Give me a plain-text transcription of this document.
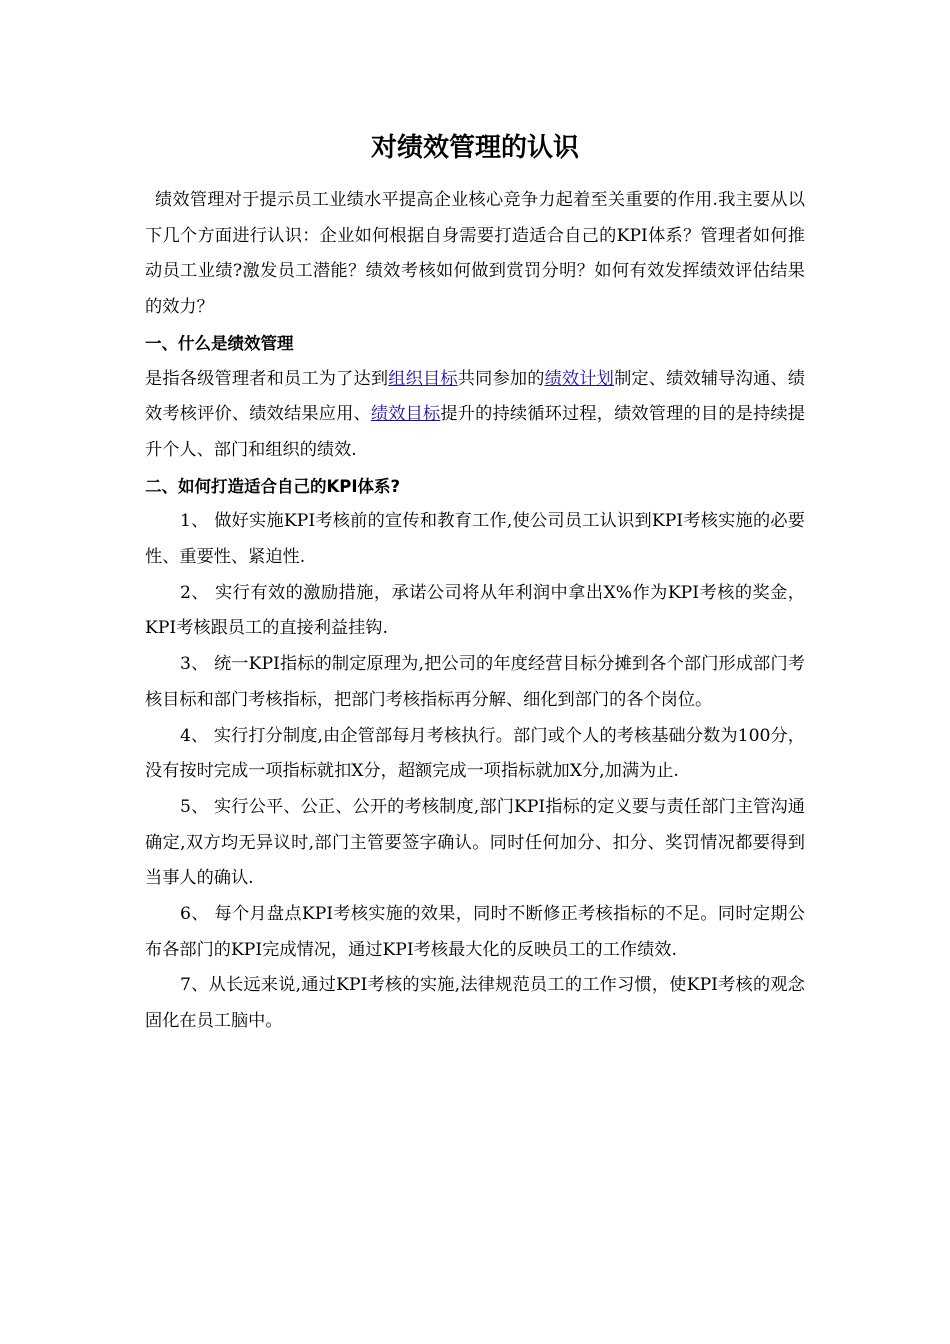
对绩效管理的认识

绩效管理对于提示员工业绩水平提高企业核心竞争力起着至关重要的作用.我主要从以下几个方面进行认识：企业如何根据自身需要打造适合自己的KPI体系？管理者如何推动员工业绩?激发员工潜能？绩效考核如何做到赏罚分明？如何有效发挥绩效评估结果的效力？

一、什么是绩效管理

是指各级管理者和员工为了达到组织目标共同参加的绩效计划制定、绩效辅导沟通、绩效考核评价、绩效结果应用、绩效目标提升的持续循环过程，绩效管理的目的是持续提升个人、部门和组织的绩效.

二、如何打造适合自己的KPI体系?

1、 做好实施KPI考核前的宣传和教育工作,使公司员工认识到KPI考核实施的必要性、重要性、紧迫性.

2、 实行有效的激励措施，承诺公司将从年利润中拿出X%作为KPI考核的奖金，KPI考核跟员工的直接利益挂钩.

3、 统一KPI指标的制定原理为,把公司的年度经营目标分摊到各个部门形成部门考核目标和部门考核指标，把部门考核指标再分解、细化到部门的各个岗位。

4、 实行打分制度,由企管部每月考核执行。部门或个人的考核基础分数为100分，没有按时完成一项指标就扣X分，超额完成一项指标就加X分,加满为止.

5、 实行公平、公正、公开的考核制度,部门KPI指标的定义要与责任部门主管沟通确定,双方均无异议时,部门主管要签字确认。同时任何加分、扣分、奖罚情况都要得到当事人的确认.

6、 每个月盘点KPI考核实施的效果，同时不断修正考核指标的不足。同时定期公布各部门的KPI完成情况，通过KPI考核最大化的反映员工的工作绩效.

7、从长远来说,通过KPI考核的实施,法律规范员工的工作习惯，使KPI考核的观念固化在员工脑中。
